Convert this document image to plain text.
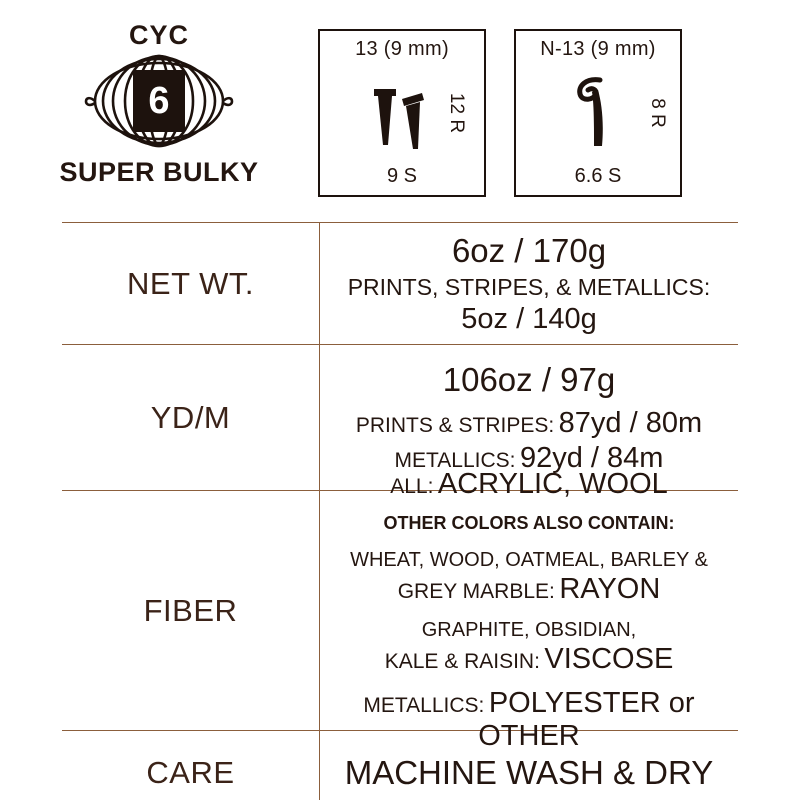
CYC
6
SUPER BULKY
13 (9 mm)
12 R
9 S
N-13 (9 mm)
8 R
6.6 S
NET WT.
6oz / 170g
PRINTS, STRIPES, & METALLICS:
5oz / 140g
YD/M
106oz / 97g
PRINTS & STRIPES: 87yd / 80m
METALLICS: 92yd / 84m
FIBER
ALL: ACRYLIC, WOOL
OTHER COLORS ALSO CONTAIN:
WHEAT, WOOD, OATMEAL, BARLEY &
GREY MARBLE: RAYON
GRAPHITE, OBSIDIAN,
KALE & RAISIN: VISCOSE
METALLICS: POLYESTER or OTHER
CARE	MACHINE WASH & DRY
